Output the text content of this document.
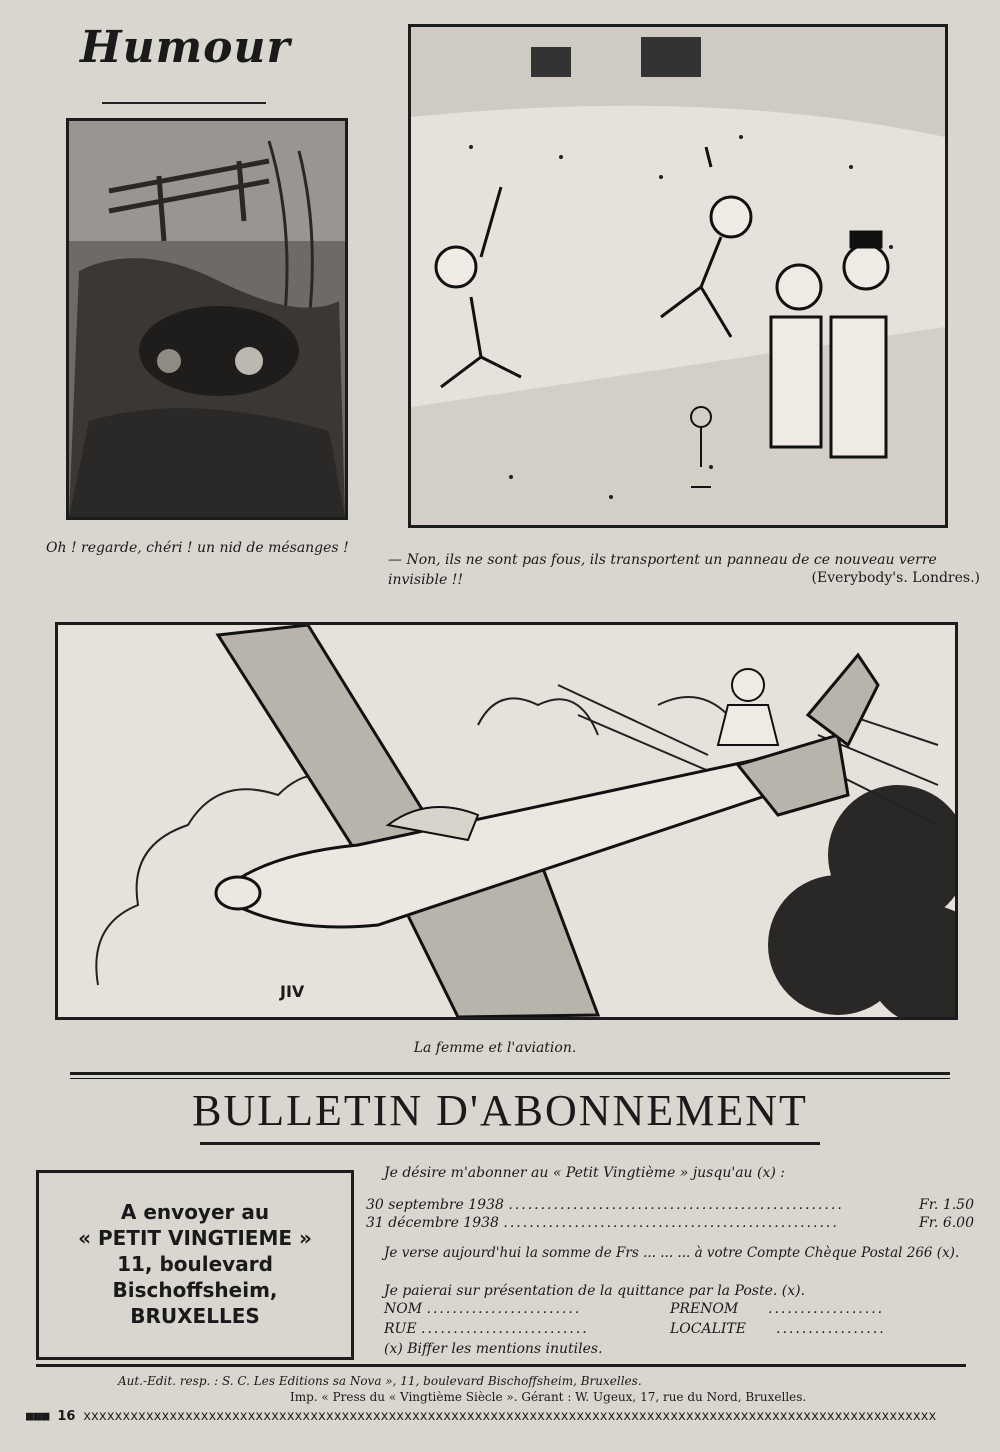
Humour
Oh ! regarde, chéri ! un nid de mésanges !
— Non, ils ne sont pas fous, ils transportent un panneau de ce nouveau verre invisible !!	(Everybody's. Londres.)
JIV
La femme et l'aviation.
BULLETIN D'ABONNEMENT
A envoyer au
« PETIT VINGTIEME »
11, boulevard
Bischoffsheim,
BRUXELLES
Je désire m'abonner au « Petit Vingtième » jusqu'au (x) :
30 septembre 1938 ....................................................	Fr. 1.50
31 décembre 1938 ....................................................	Fr. 6.00
Je verse aujourd'hui la somme de Frs ... ... ... à votre Compte Chèque Postal 266 (x).
Je paierai sur présentation de la quittance par la Poste. (x).
NOM ........................	PRENOM ..................
RUE ..........................	LOCALITE .................
(x) Biffer les mentions inutiles.
Aut.-Edit. resp. : S. C. Les Editions sa Nova », 11, boulevard Bischoffsheim, Bruxelles.
Imp. « Press du « Vingtième Siècle ». Gérant : W. Ugeux, 17, rue du Nord, Bruxelles.
■■■ 16 xxxxxxxxxxxxxxxxxxxxxxxxxxxxxxxxxxxxxxxxxxxxxxxxxxxxxxxxxxxxxxxxxxxxxxxxxxxxxxxxxxxxxxxxxxxxxxxxxxxxxxxxxxxxx
